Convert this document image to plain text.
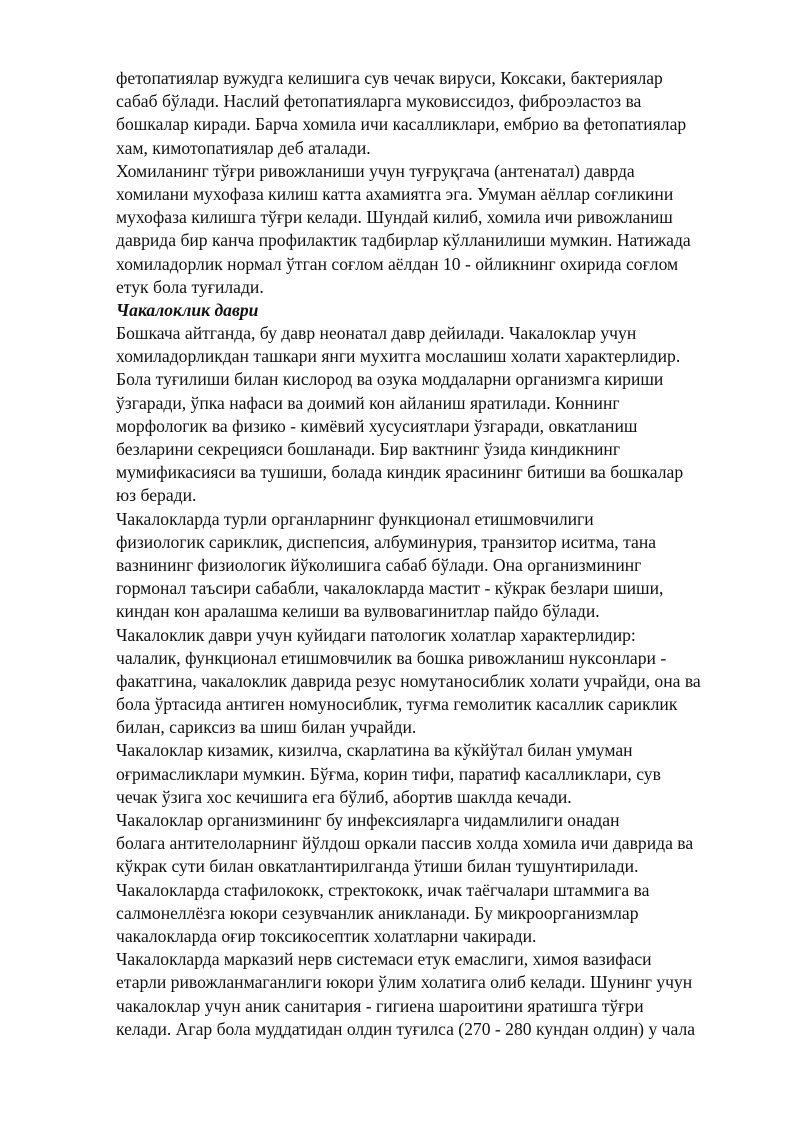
фетопатиялар вужудга келишига сув чечак вируси, Коксаки, бактериялар
сабаб бўлади. Наслий фетопатияларга муковиссидоз, фиброэластоз ва
бошкалар киради. Барча хомила ичи касалликлари, ембрио ва фетопатиялар
хам, кимотопатиялар деб аталади.
Хомиланинг тўғри ривожланиши учун туғруқгача (антенатал) даврда
хомилани мухофаза килиш катта ахамиятга эга. Умуман аёллар соғликини
мухофаза килишга тўғри келади. Шундай килиб, хомила ичи ривожланиш
даврида бир канча профилактик тадбирлар кўлланилиши мумкин. Натижада
хомиладорлик нормал ўтган соғлом аёлдан 10 - ойликнинг охирида соғлом
етук бола туғилади.
Чакалоклик даври
Бошкача айтганда, бу давр неонатал давр дейилади. Чакалоклар учун
хомиладорликдан ташкари янги мухитга мослашиш холати характерлидир.
Бола туғилиши билан кислород ва озука моддаларни организмга кириши
ўзгаради, ўпка нафаси ва доимий кон айланиш яратилади. Коннинг
морфологик ва физико - кимёвий хусусиятлари ўзгаради, овкатланиш
безларини секрецияси бошланади. Бир вактнинг ўзида киндикнинг
мумификасияси ва тушиши, болада киндик ярасининг битиши ва бошкалар
юз беради.
Чакалокларда турли органларнинг функционал етишмовчилиги
физиологик сариклик, диспепсия, албуминурия, транзитор иситма, тана
вазнининг физиологик йўколишига сабаб бўлади. Она организмининг
гормонал таъсири сабабли, чакалокларда мастит - кўкрак безлари шиши,
киндан кон аралашма келиши ва вулвовагинитлар пайдо бўлади.
Чакалоклик даври учун куйидаги патологик холатлар характерлидир:
чалалик, функционал етишмовчилик ва бошка ривожланиш нуксонлари -
факатгина, чакалоклик даврида резус номутаносиблик холати учрайди, она ва
бола ўртасида антиген номуносиблик, туғма гемолитик касаллик сариклик
билан, сариксиз ва шиш билан учрайди.
Чакалоклар кизамик, кизилча, скарлатина ва кўкйўтал билан умуман
оғримасликлари мумкин. Бўғма, корин тифи, паратиф касалликлари, сув
чечак ўзига хос кечишига ега бўлиб, абортив шаклда кечади.
Чакалоклар организмининг бу инфексияларга чидамлилиги онадан
болага антителоларнинг йўлдош оркали пассив холда хомила ичи даврида ва
кўкрак сути билан овкатлантирилганда ўтиши билан тушунтирилади.
Чакалокларда стафилококк, стректококк, ичак таёгчалари штаммига ва
салмонеллёзга юкори сезувчанлик аникланади. Бу микроорганизмлар
чакалокларда оғир токсикосептик холатларни чакиради.
Чакалокларда марказий нерв системаси етук емаслиги, химоя вазифаси
етарли ривожланмаганлиги юкори ўлим холатига олиб келади. Шунинг учун
чакалоклар учун аник санитария - гигиена шароитини яратишга тўғри
келади. Агар бола муддатидан олдин туғилса (270 - 280 кундан олдин) у чала
